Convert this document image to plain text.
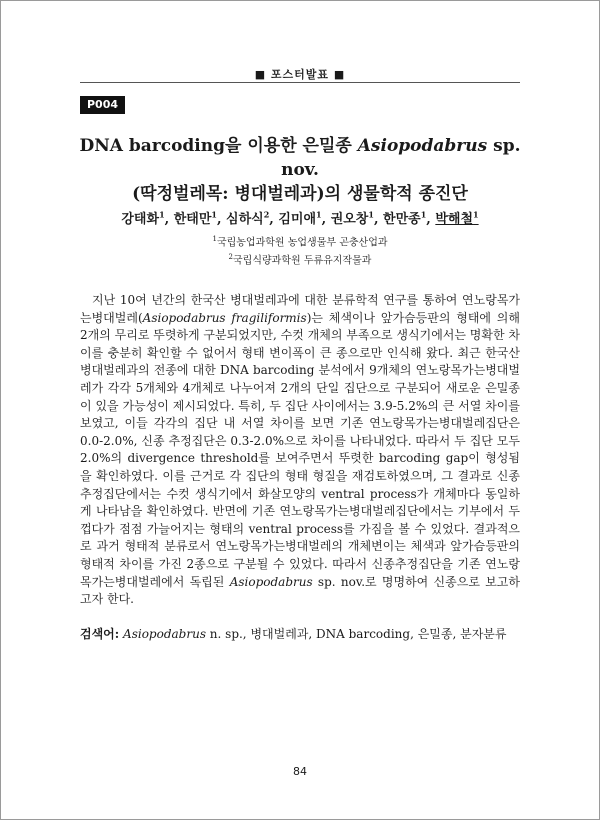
■ 포스터발표 ■
P004
DNA barcoding을 이용한 은밀종 Asiopodabrus sp. nov.
(딱정벌레목: 병대벌레과)의 생물학적 종진단
강태화$^1$, 한태만$^1$, 심하식$^2$, 김미애$^1$, 권오창$^1$, 한만종$^1$, 박해철$^1$
$^1$국립농업과학원 농업생물부 곤충산업과
$^2$국립식량과학원 두류유지작물과

지난 10여 년간의 한국산 병대벌레과에 대한 분류학적 연구를 통하여 연노랑목가는병대벌레(Asiopodabrus fragiliformis)는 체색이나 앞가슴등판의 형태에 의해 2개의 무리로 뚜렷하게 구분되었지만, 수컷 개체의 부족으로 생식기에서는 명확한 차이를 충분히 확인할 수 없어서 형태 변이폭이 큰 종으로만 인식해 왔다. 최근 한국산 병대벌레과의 전종에 대한 DNA barcoding 분석에서 9개체의 연노랑목가는병대벌레가 각각 5개체와 4개체로 나누어져 2개의 단일 집단으로 구분되어 새로운 은밀종이 있을 가능성이 제시되었다. 특히, 두 집단 사이에서는 3.9-5.2%의 큰 서열 차이를 보였고, 이들 각각의 집단 내 서열 차이를 보면 기존 연노랑목가는병대벌레집단은 0.0-2.0%, 신종 추정집단은 0.3-2.0%으로 차이를 나타내었다. 따라서 두 집단 모두 2.0%의 divergence threshold를 보여주면서 뚜렷한 barcoding gap이 형성됨을 확인하였다. 이를 근거로 각 집단의 형태 형질을 재검토하였으며, 그 결과로 신종 추정집단에서는 수컷 생식기에서 화살모양의 ventral process가 개체마다 동일하게 나타남을 확인하였다. 반면에 기존 연노랑목가는병대벌레집단에서는 기부에서 두껍다가 점점 가늘어지는 형태의 ventral process를 가짐을 볼 수 있었다. 결과적으로 과거 형태적 분류로서 연노랑목가는병대벌레의 개체변이는 체색과 앞가슴등판의 형태적 차이를 가진 2종으로 구분될 수 있었다. 따라서 신종추정집단을 기존 연노랑목가는병대벌레에서 독립된 Asiopodabrus sp. nov.로 명명하여 신종으로 보고하고자 한다.

검색어: Asiopodabrus n. sp., 병대벌레과, DNA barcoding, 은밀종, 분자분류
84
